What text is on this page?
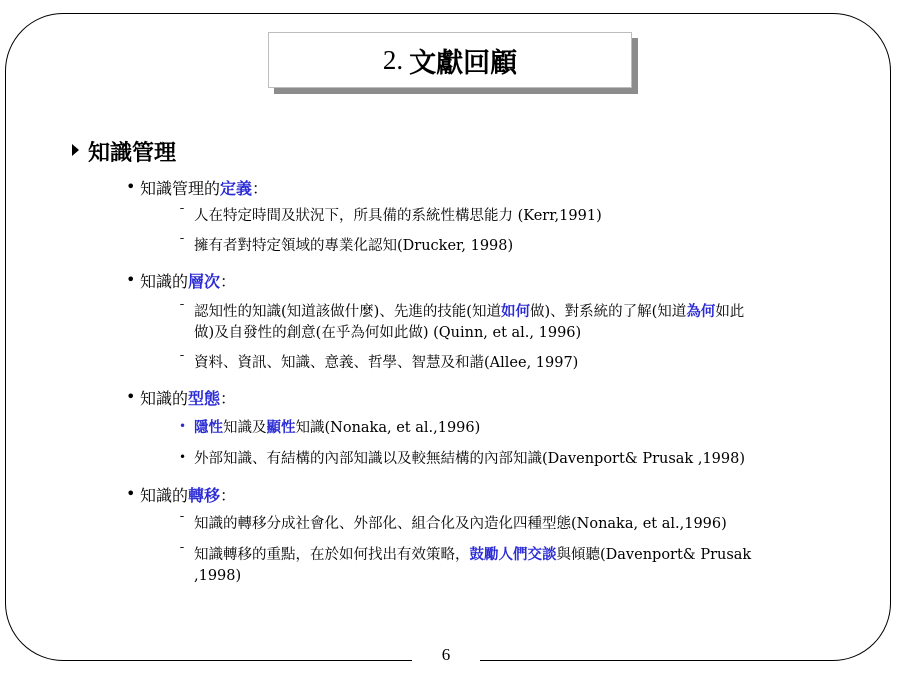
6
2. 文獻回顧
知識管理
• 知識管理的定義：
ˉ 人在特定時間及狀況下，所具備的系統性構思能力 (Kerr,1991)
ˉ 擁有者對特定領域的專業化認知(Drucker, 1998)
• 知識的層次：
ˉ 認知性的知識(知道該做什麼)、先進的技能(知道如何做)、對系統的了解(知道為何如此
做)及自發性的創意(在乎為何如此做) (Quinn, et al., 1996)
ˉ 資料、資訊、知識、意義、哲學、智慧及和諧(Allee, 1997)
• 知識的型態：
• 隱性知識及顯性知識(Nonaka, et al.,1996)
• 外部知識、有結構的內部知識以及較無結構的內部知識(Davenport& Prusak ,1998)
• 知識的轉移：
ˉ 知識的轉移分成社會化、外部化、組合化及內造化四種型態(Nonaka, et al.,1996)
ˉ 知識轉移的重點，在於如何找出有效策略，鼓勵人們交談與傾聽(Davenport& Prusak
,1998)
